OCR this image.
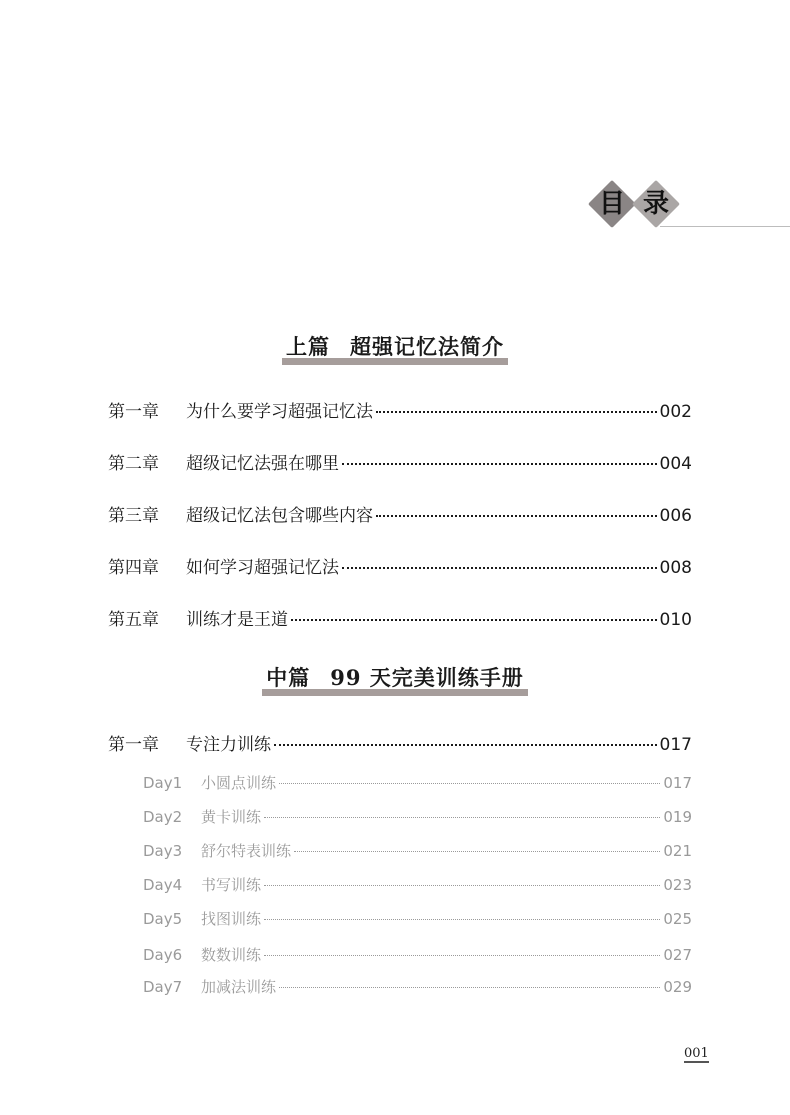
目 录
上篇 超强记忆法简介
第一章	为什么要学习超强记忆法	002
第二章	超级记忆法强在哪里	004
第三章	超级记忆法包含哪些内容	006
第四章	如何学习超强记忆法	008
第五章	训练才是王道	010
中篇 99 天完美训练手册
第一章	专注力训练	017
Day1	小圆点训练	017
Day2	黄卡训练	019
Day3	舒尔特表训练	021
Day4	书写训练	023
Day5	找图训练	025
Day6	数数训练	027
Day7	加减法训练	029
001
